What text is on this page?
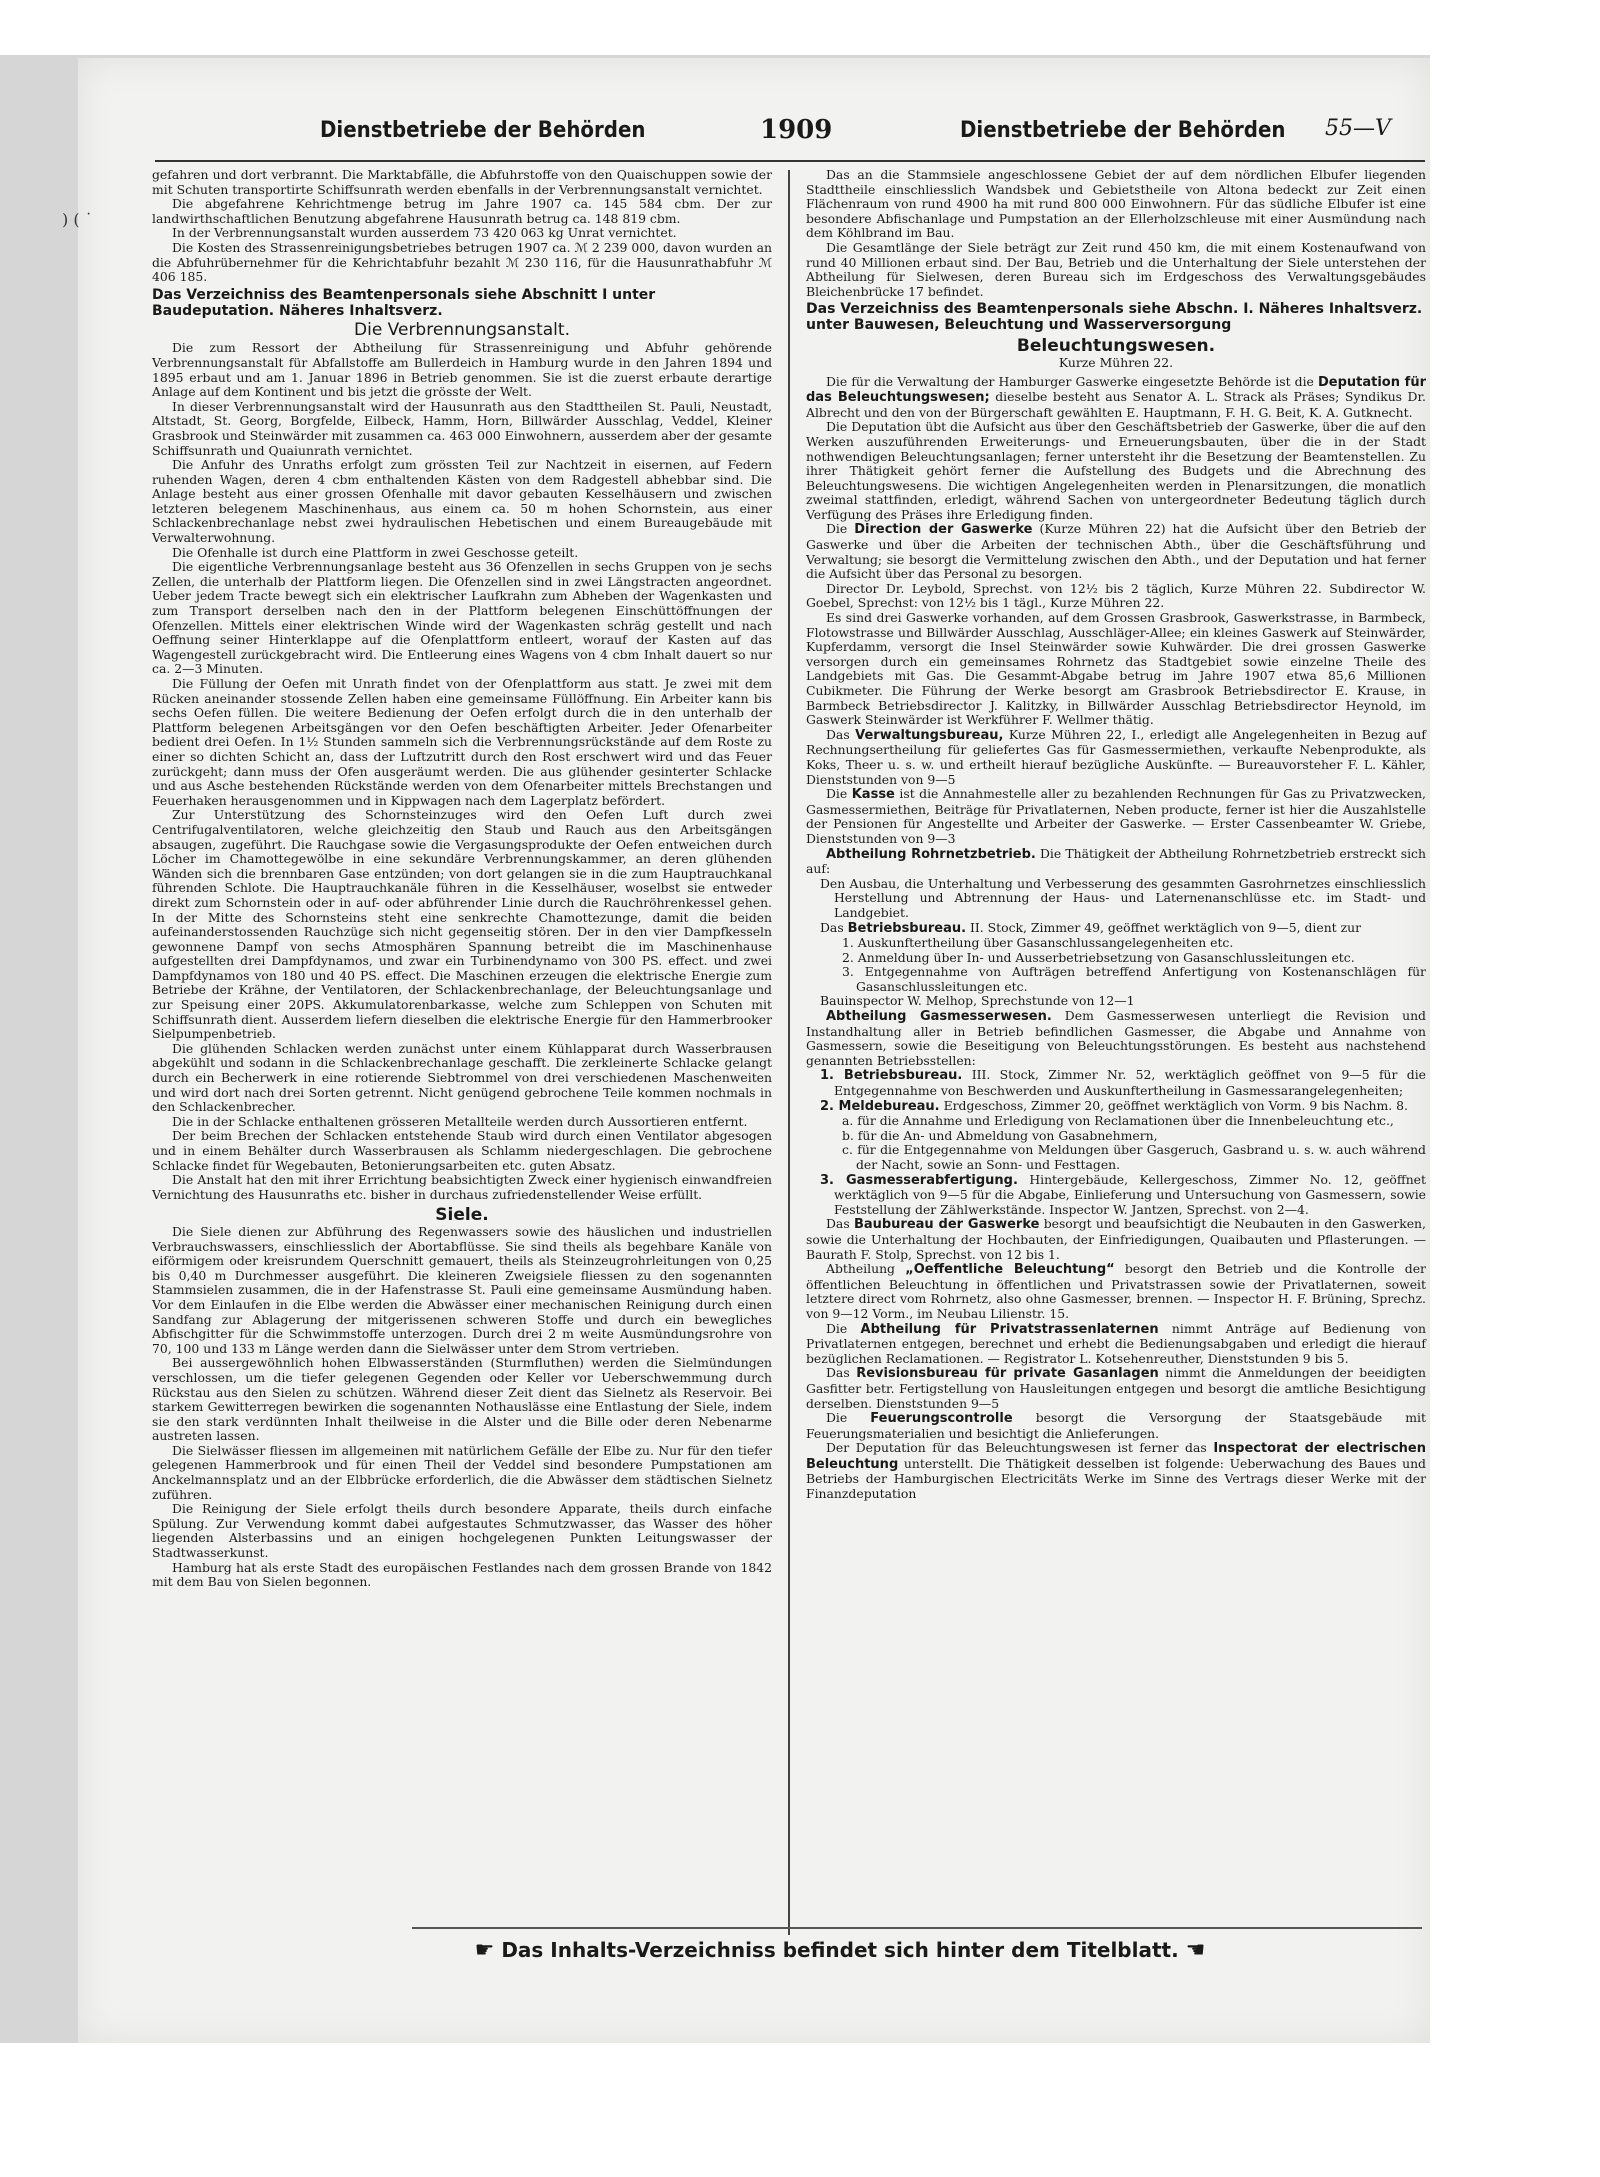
) ( ˙
Dienstbetriebe der Behörden	1909	Dienstbetriebe der Behörden 55—V

gefahren und dort verbrannt. Die Marktabfälle, die Abfuhrstoffe von den Quaischuppen sowie der mit Schuten transportirte Schiffsunrath werden ebenfalls in der Verbrennungsanstalt vernichtet.

Die abgefahrene Kehrichtmenge betrug im Jahre 1907 ca. 145 584 cbm. Der zur landwirthschaftlichen Benutzung abgefahrene Hausunrath betrug ca. 148 819 cbm.

In der Verbrennungsanstalt wurden ausserdem 73 420 063 kg Unrat vernichtet.

Die Kosten des Strassenreinigungsbetriebes betrugen 1907 ca. ℳ 2 239 000, davon wurden an die Abfuhrübernehmer für die Kehrichtabfuhr bezahlt ℳ 230 116, für die Hausunrathabfuhr ℳ 406 185.

Das Verzeichniss des Beamtenpersonals siehe Abschnitt I unter Baudeputation. Näheres Inhaltsverz.
Die Verbrennungsanstalt.

Die zum Ressort der Abtheilung für Strassenreinigung und Abfuhr gehörende Verbrennungsanstalt für Abfallstoffe am Bullerdeich in Hamburg wurde in den Jahren 1894 und 1895 erbaut und am 1. Januar 1896 in Betrieb genommen. Sie ist die zuerst erbaute derartige Anlage auf dem Kontinent und bis jetzt die grösste der Welt.

In dieser Verbrennungsanstalt wird der Hausunrath aus den Stadttheilen St. Pauli, Neustadt, Altstadt, St. Georg, Borgfelde, Eilbeck, Hamm, Horn, Billwärder Ausschlag, Veddel, Kleiner Grasbrook und Steinwärder mit zusammen ca. 463 000 Einwohnern, ausserdem aber der gesamte Schiffsunrath und Quaiunrath vernichtet.

Die Anfuhr des Unraths erfolgt zum grössten Teil zur Nachtzeit in eisernen, auf Federn ruhenden Wagen, deren 4 cbm enthaltenden Kästen von dem Radgestell abhebbar sind. Die Anlage besteht aus einer grossen Ofenhalle mit davor gebauten Kesselhäusern und zwischen letzteren belegenem Maschinenhaus, aus einem ca. 50 m hohen Schornstein, aus einer Schlackenbrechanlage nebst zwei hydraulischen Hebetischen und einem Bureaugebäude mit Verwalterwohnung.

Die Ofenhalle ist durch eine Plattform in zwei Geschosse geteilt.

Die eigentliche Verbrennungsanlage besteht aus 36 Ofenzellen in sechs Gruppen von je sechs Zellen, die unterhalb der Plattform liegen. Die Ofenzellen sind in zwei Längstracten angeordnet. Ueber jedem Tracte bewegt sich ein elektrischer Laufkrahn zum Abheben der Wagenkasten und zum Transport derselben nach den in der Plattform belegenen Einschüttöffnungen der Ofenzellen. Mittels einer elektrischen Winde wird der Wagenkasten schräg gestellt und nach Oeffnung seiner Hinterklappe auf die Ofenplattform entleert, worauf der Kasten auf das Wagengestell zurückgebracht wird. Die Entleerung eines Wagens von 4 cbm Inhalt dauert so nur ca. 2—3 Minuten.

Die Füllung der Oefen mit Unrath findet von der Ofenplattform aus statt. Je zwei mit dem Rücken aneinander stossende Zellen haben eine gemeinsame Füllöffnung. Ein Arbeiter kann bis sechs Oefen füllen. Die weitere Bedienung der Oefen erfolgt durch die in den unterhalb der Plattform belegenen Arbeitsgängen vor den Oefen beschäftigten Arbeiter. Jeder Ofenarbeiter bedient drei Oefen. In 1½ Stunden sammeln sich die Verbrennungsrückstände auf dem Roste zu einer so dichten Schicht an, dass der Luftzutritt durch den Rost erschwert wird und das Feuer zurückgeht; dann muss der Ofen ausgeräumt werden. Die aus glühender gesinterter Schlacke und aus Asche bestehenden Rückstände werden von dem Ofenarbeiter mittels Brechstangen und Feuerhaken herausgenommen und in Kippwagen nach dem Lagerplatz befördert.

Zur Unterstützung des Schornsteinzuges wird den Oefen Luft durch zwei Centrifugalventilatoren, welche gleichzeitig den Staub und Rauch aus den Arbeitsgängen absaugen, zugeführt. Die Rauchgase sowie die Vergasungsprodukte der Oefen entweichen durch Löcher im Chamottegewölbe in eine sekundäre Verbrennungskammer, an deren glühenden Wänden sich die brennbaren Gase entzünden; von dort gelangen sie in die zum Hauptrauchkanal führenden Schlote. Die Hauptrauchkanäle führen in die Kesselhäuser, woselbst sie entweder direkt zum Schornstein oder in auf- oder abführender Linie durch die Rauchröhrenkessel gehen. In der Mitte des Schornsteins steht eine senkrechte Chamottezunge, damit die beiden aufeinanderstossenden Rauchzüge sich nicht gegenseitig stören. Der in den vier Dampfkesseln gewonnene Dampf von sechs Atmosphären Spannung betreibt die im Maschinenhause aufgestellten drei Dampfdynamos, und zwar ein Turbinendynamo von 300 PS. effect. und zwei Dampfdynamos von 180 und 40 PS. effect. Die Maschinen erzeugen die elektrische Energie zum Betriebe der Krähne, der Ventilatoren, der Schlackenbrechanlage, der Beleuchtungsanlage und zur Speisung einer 20PS. Akkumulatorenbarkasse, welche zum Schleppen von Schuten mit Schiffsunrath dient. Ausserdem liefern dieselben die elektrische Energie für den Hammerbrooker Sielpumpenbetrieb.

Die glühenden Schlacken werden zunächst unter einem Kühlapparat durch Wasserbrausen abgekühlt und sodann in die Schlackenbrechanlage geschafft. Die zerkleinerte Schlacke gelangt durch ein Becherwerk in eine rotierende Siebtrommel von drei verschiedenen Maschenweiten und wird dort nach drei Sorten getrennt. Nicht genügend gebrochene Teile kommen nochmals in den Schlackenbrecher.

Die in der Schlacke enthaltenen grösseren Metallteile werden durch Aussortieren entfernt.

Der beim Brechen der Schlacken entstehende Staub wird durch einen Ventilator abgesogen und in einem Behälter durch Wasserbrausen als Schlamm niedergeschlagen. Die gebrochene Schlacke findet für Wegebauten, Betonierungsarbeiten etc. guten Absatz.

Die Anstalt hat den mit ihrer Errichtung beabsichtigten Zweck einer hygienisch einwandfreien Vernichtung des Hausunraths etc. bisher in durchaus zufriedenstellender Weise erfüllt.

Siele.

Die Siele dienen zur Abführung des Regenwassers sowie des häuslichen und industriellen Verbrauchswassers, einschliesslich der Abortabflüsse. Sie sind theils als begehbare Kanäle von eiförmigem oder kreisrundem Querschnitt gemauert, theils als Steinzeugrohrleitungen von 0,25 bis 0,40 m Durchmesser ausgeführt. Die kleineren Zweigsiele fliessen zu den sogenannten Stammsielen zusammen, die in der Hafenstrasse St. Pauli eine gemeinsame Ausmündung haben. Vor dem Einlaufen in die Elbe werden die Abwässer einer mechanischen Reinigung durch einen Sandfang zur Ablagerung der mitgerissenen schweren Stoffe und durch ein bewegliches Abfischgitter für die Schwimmstoffe unterzogen. Durch drei 2 m weite Ausmündungsrohre von 70, 100 und 133 m Länge werden dann die Sielwässer unter dem Strom vertrieben.

Bei aussergewöhnlich hohen Elbwasserständen (Sturmfluthen) werden die Sielmündungen verschlossen, um die tiefer gelegenen Gegenden oder Keller vor Ueberschwemmung durch Rückstau aus den Sielen zu schützen. Während dieser Zeit dient das Sielnetz als Reservoir. Bei starkem Gewitterregen bewirken die sogenannten Nothauslässe eine Entlastung der Siele, indem sie den stark verdünnten Inhalt theilweise in die Alster und die Bille oder deren Nebenarme austreten lassen.

Die Sielwässer fliessen im allgemeinen mit natürlichem Gefälle der Elbe zu. Nur für den tiefer gelegenen Hammerbrook und für einen Theil der Veddel sind besondere Pumpstationen am Anckelmannsplatz und an der Elbbrücke erforderlich, die die Abwässer dem städtischen Sielnetz zuführen.

Die Reinigung der Siele erfolgt theils durch besondere Apparate, theils durch einfache Spülung. Zur Verwendung kommt dabei aufgestautes Schmutzwasser, das Wasser des höher liegenden Alsterbassins und an einigen hochgelegenen Punkten Leitungswasser der Stadtwasserkunst.

Hamburg hat als erste Stadt des europäischen Festlandes nach dem grossen Brande von 1842 mit dem Bau von Sielen begonnen.

Das an die Stammsiele angeschlossene Gebiet der auf dem nördlichen Elbufer liegenden Stadttheile einschliesslich Wandsbek und Gebietstheile von Altona bedeckt zur Zeit einen Flächenraum von rund 4900 ha mit rund 800 000 Einwohnern. Für das südliche Elbufer ist eine besondere Abfischanlage und Pumpstation an der Ellerholzschleuse mit einer Ausmündung nach dem Köhlbrand im Bau.

Die Gesamtlänge der Siele beträgt zur Zeit rund 450 km, die mit einem Kostenaufwand von rund 40 Millionen erbaut sind. Der Bau, Betrieb und die Unterhaltung der Siele unterstehen der Abtheilung für Sielwesen, deren Bureau sich im Erdgeschoss des Verwaltungsgebäudes Bleichenbrücke 17 befindet.

Das Verzeichniss des Beamtenpersonals siehe Abschn. I. Näheres Inhaltsverz. unter Bauwesen, Beleuchtung und Wasserversorgung
Beleuchtungswesen.
Kurze Mühren 22.

Die für die Verwaltung der Hamburger Gaswerke eingesetzte Behörde ist die Deputation für das Beleuchtungswesen; dieselbe besteht aus Senator A. L. Strack als Präses; Syndikus Dr. Albrecht und den von der Bürgerschaft gewählten E. Hauptmann, F. H. G. Beit, K. A. Gutknecht.

Die Deputation übt die Aufsicht aus über den Geschäftsbetrieb der Gaswerke, über die auf den Werken auszuführenden Erweiterungs- und Erneuerungsbauten, über die in der Stadt nothwendigen Beleuchtungsanlagen; ferner untersteht ihr die Besetzung der Beamtenstellen. Zu ihrer Thätigkeit gehört ferner die Aufstellung des Budgets und die Abrechnung des Beleuchtungswesens. Die wichtigen Angelegenheiten werden in Plenarsitzungen, die monatlich zweimal stattfinden, erledigt, während Sachen von untergeordneter Bedeutung täglich durch Verfügung des Präses ihre Erledigung finden.

Die Direction der Gaswerke (Kurze Mühren 22) hat die Aufsicht über den Betrieb der Gaswerke und über die Arbeiten der technischen Abth., über die Geschäftsführung und Verwaltung; sie besorgt die Vermittelung zwischen den Abth., und der Deputation und hat ferner die Aufsicht über das Personal zu besorgen.

Director Dr. Leybold, Sprechst. von 12½ bis 2 täglich, Kurze Mühren 22. Subdirector W. Goebel, Sprechst: von 12½ bis 1 tägl., Kurze Mühren 22.

Es sind drei Gaswerke vorhanden, auf dem Grossen Grasbrook, Gaswerkstrasse, in Barmbeck, Flotowstrasse und Billwärder Ausschlag, Ausschläger-Allee; ein kleines Gaswerk auf Steinwärder, Kupferdamm, versorgt die Insel Steinwärder sowie Kuhwärder. Die drei grossen Gaswerke versorgen durch ein gemeinsames Rohrnetz das Stadtgebiet sowie einzelne Theile des Landgebiets mit Gas. Die Gesammt-Abgabe betrug im Jahre 1907 etwa 85,6 Millionen Cubikmeter. Die Führung der Werke besorgt am Grasbrook Betriebsdirector E. Krause, in Barmbeck Betriebsdirector J. Kalitzky, in Billwärder Ausschlag Betriebsdirector Heynold, im Gaswerk Steinwärder ist Werkführer F. Wellmer thätig.

Das Verwaltungsbureau, Kurze Mühren 22, I., erledigt alle Angelegenheiten in Bezug auf Rechnungsertheilung für geliefertes Gas für Gasmessermiethen, verkaufte Nebenprodukte, als Koks, Theer u. s. w. und ertheilt hierauf bezügliche Auskünfte. — Bureauvorsteher F. L. Kähler, Dienststunden von 9—5

Die Kasse ist die Annahmestelle aller zu bezahlenden Rechnungen für Gas zu Privatzwecken, Gasmessermiethen, Beiträge für Privatlaternen, Neben producte, ferner ist hier die Auszahlstelle der Pensionen für Angestellte und Arbeiter der Gaswerke. — Erster Cassenbeamter W. Griebe, Dienststunden von 9—3

Abtheilung Rohrnetzbetrieb. Die Thätigkeit der Abtheilung Rohrnetzbetrieb erstreckt sich auf:

Den Ausbau, die Unterhaltung und Verbesserung des gesammten Gasrohrnetzes einschliesslich Herstellung und Abtrennung der Haus- und Laternenanschlüsse etc. im Stadt- und Landgebiet.

Das Betriebsbureau. II. Stock, Zimmer 49, geöffnet werktäglich von 9—5, dient zur

1. Auskunftertheilung über Gasanschlussangelegenheiten etc.

2. Anmeldung über In- und Ausserbetriebsetzung von Gasanschlussleitungen etc.

3. Entgegennahme von Aufträgen betreffend Anfertigung von Kostenanschlägen für Gasanschlussleitungen etc.

Bauinspector W. Melhop, Sprechstunde von 12—1

Abtheilung Gasmesserwesen. Dem Gasmesserwesen unterliegt die Revision und Instandhaltung aller in Betrieb befindlichen Gasmesser, die Abgabe und Annahme von Gasmessern, sowie die Beseitigung von Beleuchtungsstörungen. Es besteht aus nachstehend genannten Betriebsstellen:

1. Betriebsbureau. III. Stock, Zimmer Nr. 52, werktäglich geöffnet von 9—5 für die Entgegennahme von Beschwerden und Auskunftertheilung in Gasmessarangelegenheiten;

2. Meldebureau. Erdgeschoss, Zimmer 20, geöffnet werktäglich von Vorm. 9 bis Nachm. 8.

a. für die Annahme und Erledigung von Reclamationen über die Innenbeleuchtung etc.,

b. für die An- und Abmeldung von Gasabnehmern,

c. für die Entgegennahme von Meldungen über Gasgeruch, Gasbrand u. s. w. auch während der Nacht, sowie an Sonn- und Festtagen.

3. Gasmesserabfertigung. Hintergebäude, Kellergeschoss, Zimmer No. 12, geöffnet werktäglich von 9—5 für die Abgabe, Einlieferung und Untersuchung von Gasmessern, sowie Feststellung der Zählwerkstände. Inspector W. Jantzen, Sprechst. von 2—4.

Das Baubureau der Gaswerke besorgt und beaufsichtigt die Neubauten in den Gaswerken, sowie die Unterhaltung der Hochbauten, der Einfriedigungen, Quaibauten und Pflasterungen. — Baurath F. Stolp, Sprechst. von 12 bis 1.

Abtheilung „Oeffentliche Beleuchtung“ besorgt den Betrieb und die Kontrolle der öffentlichen Beleuchtung in öffentlichen und Privatstrassen sowie der Privatlaternen, soweit letztere direct vom Rohrnetz, also ohne Gasmesser, brennen. — Inspector H. F. Brüning, Sprechz. von 9—12 Vorm., im Neubau Lilienstr. 15.

Die Abtheilung für Privatstrassenlaternen nimmt Anträge auf Bedienung von Privatlaternen entgegen, berechnet und erhebt die Bedienungsabgaben und erledigt die hierauf bezüglichen Reclamationen. — Registrator L. Kotsehenreuther, Dienststunden 9 bis 5.

Das Revisionsbureau für private Gasanlagen nimmt die Anmeldungen der beeidigten Gasfitter betr. Fertigstellung von Hausleitungen entgegen und besorgt die amtliche Besichtigung derselben. Dienststunden 9—5

Die Feuerungscontrolle besorgt die Versorgung der Staatsgebäude mit Feuerungsmaterialien und besichtigt die Anlieferungen.

Der Deputation für das Beleuchtungswesen ist ferner das Inspectorat der electrischen Beleuchtung unterstellt. Die Thätigkeit desselben ist folgende: Ueberwachung des Baues und Betriebs der Hamburgischen Electricitäts Werke im Sinne des Vertrags dieser Werke mit der Finanzdeputation

☛ Das Inhalts-Verzeichniss befindet sich hinter dem Titelblatt. ☚
